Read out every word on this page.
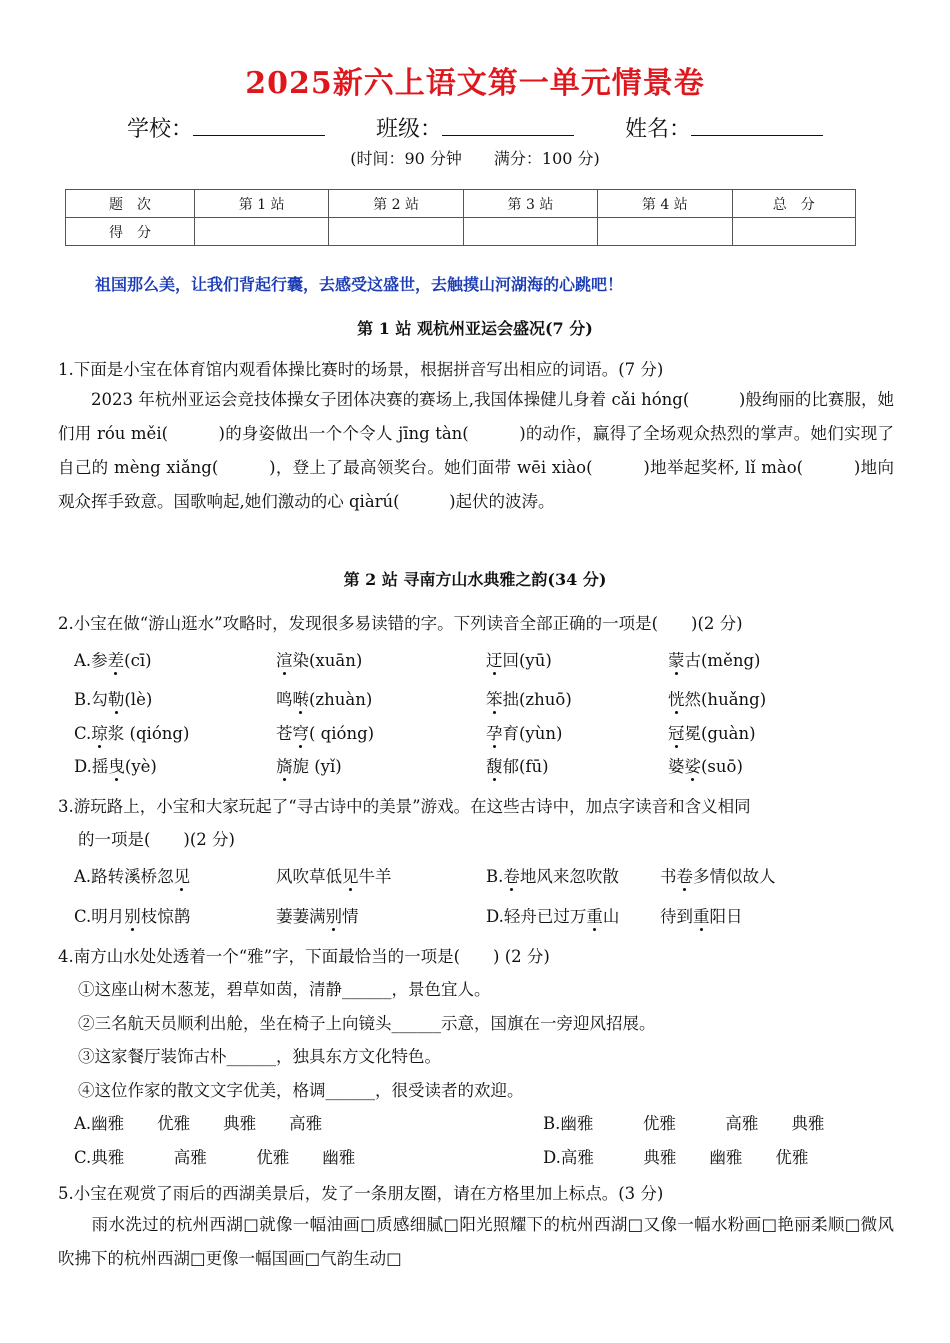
2025新六上语文第一单元情景卷
学校：	班级：	姓名：
(时间：90 分钟　　满分：100 分)
题　次	第 1 站	第 2 站	第 3 站	第 4 站	总　分
得　分					
祖国那么美，让我们背起行囊，去感受这盛世，去触摸山河湖海的心跳吧！
第 1 站 观杭州亚运会盛况(7 分)
1.下面是小宝在体育馆内观看体操比赛时的场景，根据拼音写出相应的词语。(7 分)
　　2023 年杭州亚运会竞技体操女子团体决赛的赛场上,我国体操健儿身着 cǎi hóng(　　　)般绚丽的比赛服，她们用 róu měi(　　　)的身姿做出一个个令人 jīng tàn(　　　)的动作，赢得了全场观众热烈的掌声。她们实现了自己的 mèng xiǎng(　　　)，登上了最高领奖台。她们面带 wēi xiào(　　　)地举起奖杯, lǐ mào(　　　)地向观众挥手致意。国歌响起,她们激动的心 qiàrú(　　　)起伏的波涛。
第 2 站 寻南方山水典雅之韵(34 分)
2.小宝在做“游山逛水”攻略时，发现很多易读错的字。下列读音全部正确的一项是(　　)(2 分)
A.参差(cī)	渲染(xuān)	迂回(yū)	蒙古(měng)
B.勾勒(lè)	鸣啭(zhuàn)	笨拙(zhuō)	恍然(huǎng)
C.琼浆 (qióng)	苍穹( qióng)	孕育(yùn)	冠冕(guàn)
D.摇曳(yè)	旖旎 (yǐ)	馥郁(fū)	婆娑(suō)
3.游玩路上，小宝和大家玩起了“寻古诗中的美景”游戏。在这些古诗中，加点字读音和含义相同
的一项是(　　)(2 分)
A.路转溪桥忽见	风吹草低见牛羊	B.卷地风来忽吹散 书卷多情似故人
C.明月别枝惊鹊	萋萋满别情	D.轻舟已过万重山 待到重阳日
4.南方山水处处透着一个“雅”字，下面最恰当的一项是(　　) (2 分)
①这座山树木葱茏，碧草如茵，清静______，景色宜人。
②三名航天员顺利出舱，坐在椅子上向镜头______示意，国旗在一旁迎风招展。
③这家餐厅装饰古朴______，独具东方文化特色。
④这位作家的散文文字优美，格调______，很受读者的欢迎。
A.幽雅　　优雅　　典雅　　高雅	B.幽雅　　　优雅　　　高雅　　典雅
C.典雅　　　高雅　　　优雅　　幽雅	D.高雅　　　典雅　　幽雅　　优雅
5.小宝在观赏了雨后的西湖美景后，发了一条朋友圈，请在方格里加上标点。(3 分)
　　雨水洗过的杭州西湖□就像一幅油画□质感细腻□阳光照耀下的杭州西湖□又像一幅水粉画□艳丽柔顺□微风吹拂下的杭州西湖□更像一幅国画□气韵生动□
